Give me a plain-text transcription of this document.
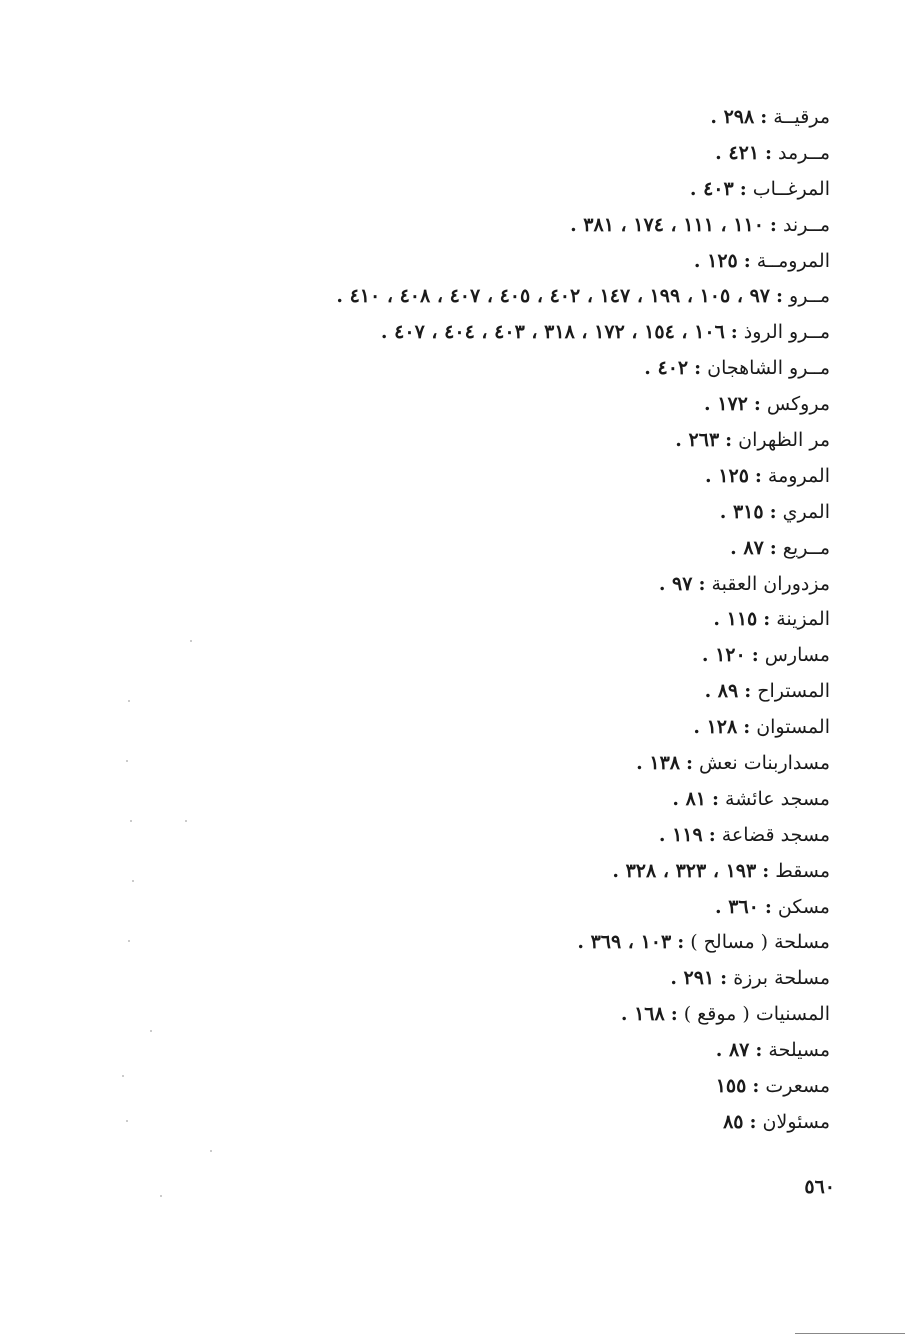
مرقيــة:٢٩٨ .
مــرمد:٤٢١ .
المرغــاب:٤٠٣ .
مــرند:١١٠ ، ١١١ ، ١٧٤ ، ٣٨١ .
المرومــة:١٢٥ .
مــرو:٩٧ ، ١٠٥ ، ١٩٩ ، ١٤٧ ، ٤٠٢ ، ٤٠٥ ، ٤٠٧ ، ٤٠٨ ، ٤١٠ .
مــرو الروذ:١٠٦ ، ١٥٤ ، ١٧٢ ، ٣١٨ ، ٤٠٣ ، ٤٠٤ ، ٤٠٧ .
مــرو الشاهجان:٤٠٢ .
مروكس:١٧٢ .
مر الظهران:٢٦٣ .
المرومة:١٢٥ .
المري:٣١٥ .
مــريع:٨٧ .
مزدوران العقبة:٩٧ .
المزينة:١١٥ .
مسارس:١٢٠ .
المستراح:٨٩ .
المستوان:١٢٨ .
مسداربنات نعش:١٣٨ .
مسجد عائشة:٨١ .
مسجد قضاعة:١١٩ .
مسقط:١٩٣ ، ٣٢٣ ، ٣٢٨ .
مسكن:٣٦٠ .
مسلحة ( مسالح ):١٠٣ ، ٣٦٩ .
مسلحة برزة:٢٩١ .
المسنيات ( موقع ):١٦٨ .
مسيلحة:٨٧ .
مسعرت:١٥٥
مسئولان:٨٥
٥٦٠
